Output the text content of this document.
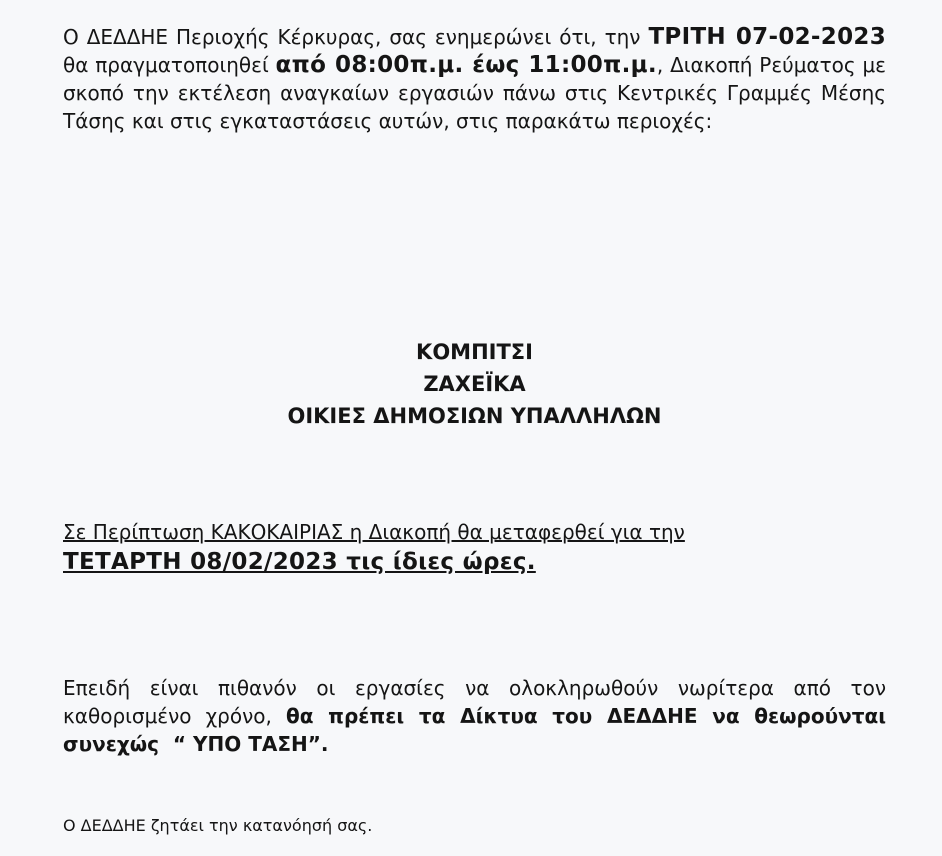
Ο ΔΕΔΔΗΕ Περιοχής Κέρκυρας, σας ενημερώνει ότι, την ΤΡΙΤΗ 07-02-2023 θα πραγματοποιηθεί από 08:00π.μ. έως 11:00π.μ., Διακοπή Ρεύματος με σκοπό την εκτέλεση αναγκαίων εργασιών πάνω στις Κεντρικές Γραμμές Μέσης Τάσης και στις εγκαταστάσεις αυτών, στις παρακάτω περιοχές:

ΚΟΜΠΙΤΣΙ
ΖΑΧΕΪΚΑ
ΟΙΚΙΕΣ ΔΗΜΟΣΙΩΝ ΥΠΑΛΛΗΛΩΝ
Σε Περίπτωση ΚΑΚΟΚΑΙΡΙΑΣ η Διακοπή θα μεταφερθεί για την
ΤΕΤΑΡΤΗ 08/02/2023 τις ίδιες ώρες.

Επειδή είναι πιθανόν οι εργασίες να ολοκληρωθούν νωρίτερα από τον καθορισμένο χρόνο, θα πρέπει τα Δίκτυα του ΔΕΔΔΗΕ να θεωρούνται συνεχώς  “ ΥΠΟ ΤΑΣΗ”.

Ο ΔΕΔΔΗΕ ζητάει την κατανόησή σας.
